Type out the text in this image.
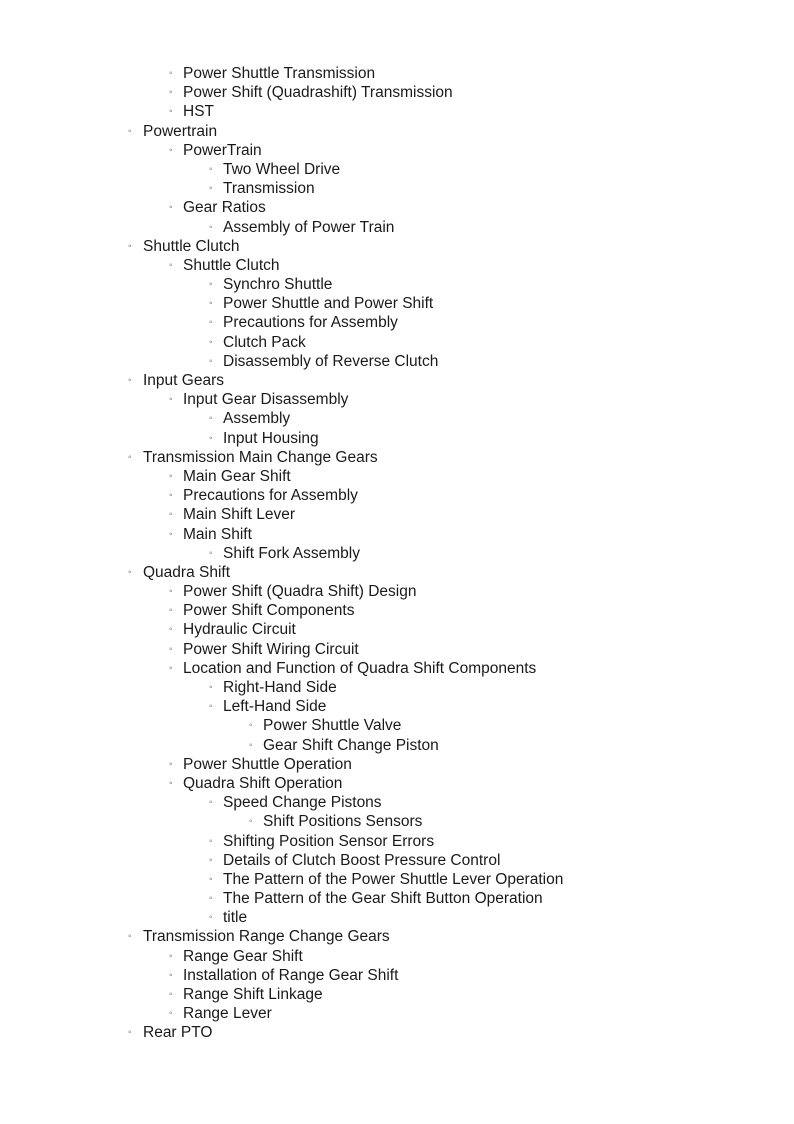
◦ Power Shuttle Transmission
◦ Power Shift (Quadrashift) Transmission
◦ HST
◦ Powertrain
◦ PowerTrain
◦ Two Wheel Drive
◦ Transmission
◦ Gear Ratios
◦ Assembly of Power Train
◦ Shuttle Clutch
◦ Shuttle Clutch
◦ Synchro Shuttle
◦ Power Shuttle and Power Shift
◦ Precautions for Assembly
◦ Clutch Pack
◦ Disassembly of Reverse Clutch
◦ Input Gears
◦ Input Gear Disassembly
◦ Assembly
◦ Input Housing
◦ Transmission Main Change Gears
◦ Main Gear Shift
◦ Precautions for Assembly
◦ Main Shift Lever
◦ Main Shift
◦ Shift Fork Assembly
◦ Quadra Shift
◦ Power Shift (Quadra Shift) Design
◦ Power Shift Components
◦ Hydraulic Circuit
◦ Power Shift Wiring Circuit
◦ Location and Function of Quadra Shift Components
◦ Right-Hand Side
◦ Left-Hand Side
◦ Power Shuttle Valve
◦ Gear Shift Change Piston
◦ Power Shuttle Operation
◦ Quadra Shift Operation
◦ Speed Change Pistons
◦ Shift Positions Sensors
◦ Shifting Position Sensor Errors
◦ Details of Clutch Boost Pressure Control
◦ The Pattern of the Power Shuttle Lever Operation
◦ The Pattern of the Gear Shift Button Operation
◦ title
◦ Transmission Range Change Gears
◦ Range Gear Shift
◦ Installation of Range Gear Shift
◦ Range Shift Linkage
◦ Range Lever
◦ Rear PTO
